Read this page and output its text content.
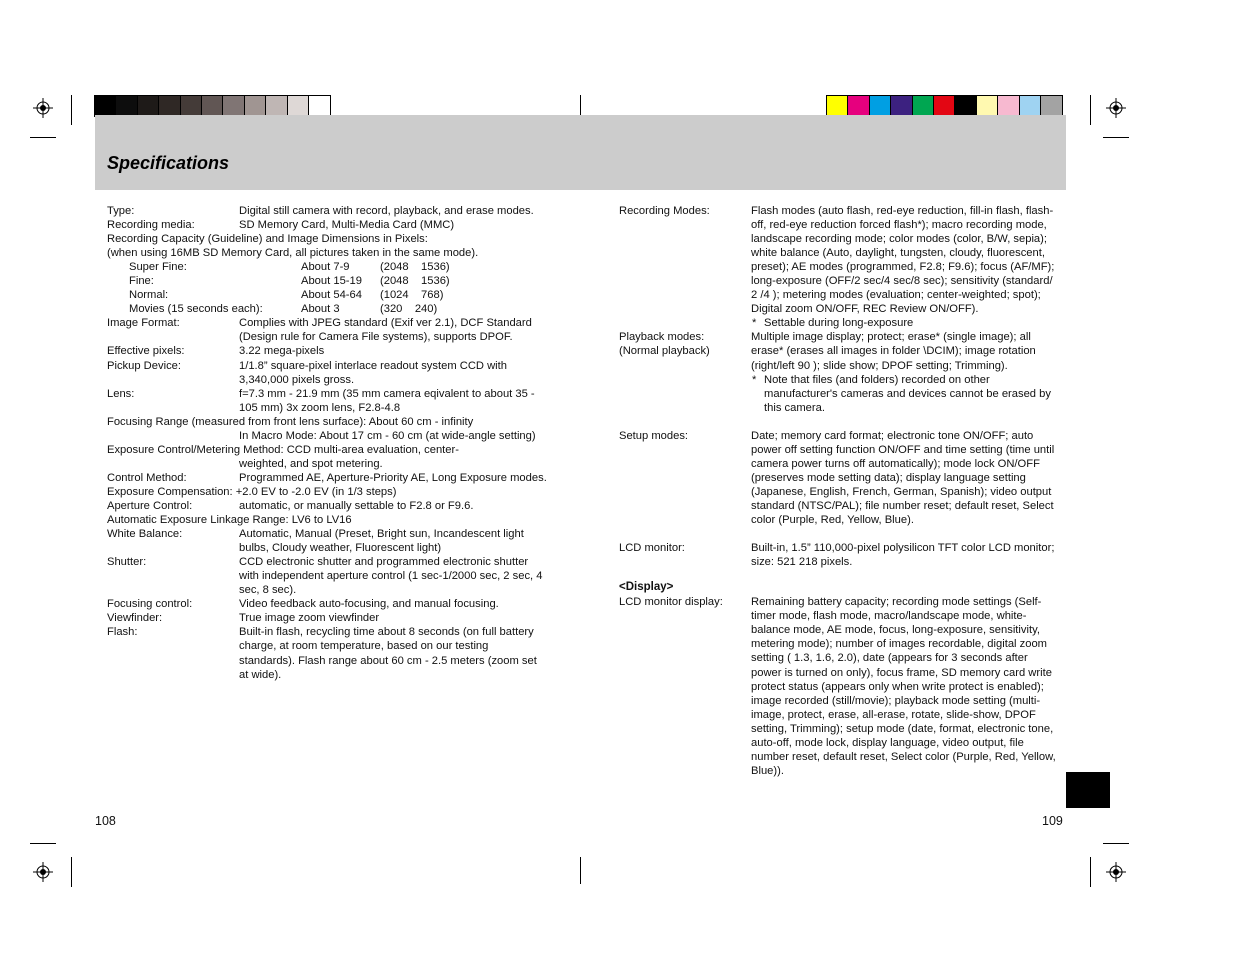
Specifications
Type:	Digital still camera with record, playback, and erase modes.
Recording media:	SD Memory Card, Multi-Media Card (MMC)
Recording Capacity (Guideline) and Image Dimensions in Pixels:
(when using 16MB SD Memory Card, all pictures taken in the same mode).
Super Fine:	About 7-9	(2048    1536)
Fine:	About 15-19 (2048    1536)
Normal:	About 54-64 (1024    768)
Movies (15 seconds each):	About 3	(320    240)
Image Format:	Complies with JPEG standard (Exif ver 2.1), DCF Standard (Design rule for Camera File systems), supports DPOF.
Effective pixels:	3.22 mega-pixels
Pickup Device:	1/1.8” square-pixel interlace readout system CCD with 3,340,000 pixels gross.
Lens:	f=7.3 mm - 21.9 mm (35 mm camera eqivalent to about 35 - 105 mm) 3x zoom lens, F2.8-4.8
Focusing Range (measured from front lens surface): About 60 cm - infinity
In Macro Mode: About 17 cm - 60 cm (at wide-angle setting)
Exposure Control/Metering Method: CCD multi-area evaluation, center-
weighted, and spot metering.
Control Method:	Programmed AE, Aperture-Priority AE, Long Exposure modes.
Exposure Compensation: +2.0 EV to -2.0 EV (in 1/3 steps)
Aperture Control:	automatic, or manually settable to F2.8 or F9.6.
Automatic Exposure Linkage Range: LV6 to LV16
White Balance:	Automatic, Manual (Preset, Bright sun, Incandescent light bulbs, Cloudy weather, Fluorescent light)
Shutter:	CCD electronic shutter and programmed electronic shutter with independent aperture control (1 sec-1/2000 sec, 2 sec, 4 sec, 8 sec).
Focusing control:	Video feedback auto-focusing, and manual focusing.
Viewfinder:	True image zoom viewfinder
Flash:	Built-in flash, recycling time about 8 seconds (on full battery charge, at room temperature, based on our testing standards). Flash range about 60 cm - 2.5 meters (zoom set at wide).
Recording Modes:	Flash modes (auto flash, red-eye reduction, fill-in flash, flash-off, red-eye reduction forced flash*); macro recording mode, landscape recording mode; color modes (color, B/W, sepia); white balance (Auto, daylight, tungsten, cloudy, fluorescent, preset); AE modes (programmed, F2.8; F9.6); focus (AF/MF); long-exposure (OFF/2 sec/4 sec/8 sec); sensitivity (standard/ 2 /4 ); metering modes (evaluation; center-weighted; spot); Digital zoom ON/OFF, REC Review ON/OFF).
* Settable during long-exposure
Playback modes:
(Normal playback)
Multiple image display; protect; erase* (single image); all erase* (erases all images in folder \DCIM); image rotation (right/left 90 ); slide show; DPOF setting; Trimming).
* Note that files (and folders) recorded on other manufacturer's cameras and devices cannot be erased by this camera.
Setup modes:	Date; memory card format; electronic tone ON/OFF; auto power off setting function ON/OFF and time setting (time until camera power turns off automatically); mode lock ON/OFF (preserves mode setting data); display language setting (Japanese, English, French, German, Spanish); video output standard (NTSC/PAL); file number reset; default reset, Select color (Purple, Red, Yellow, Blue).
LCD monitor:	Built-in, 1.5” 110,000-pixel polysilicon TFT color LCD monitor; size: 521 218 pixels.
<Display>
LCD monitor display:	Remaining battery capacity; recording mode settings (Self-timer mode, flash mode, macro/landscape mode, white-balance mode, AE mode, focus, long-exposure, sensitivity, metering mode); number of images recordable, digital zoom setting ( 1.3, 1.6, 2.0), date (appears for 3 seconds after power is turned on only), focus frame, SD memory card write protect status (appears only when write protect is enabled); image recorded (still/movie); playback mode setting (multi-image, protect, erase, all-erase, rotate, slide-show, DPOF setting, Trimming); setup mode (date, format, electronic tone, auto-off, mode lock, display language, video output, file number reset, default reset, Select color (Purple, Red, Yellow, Blue)).
108	109
